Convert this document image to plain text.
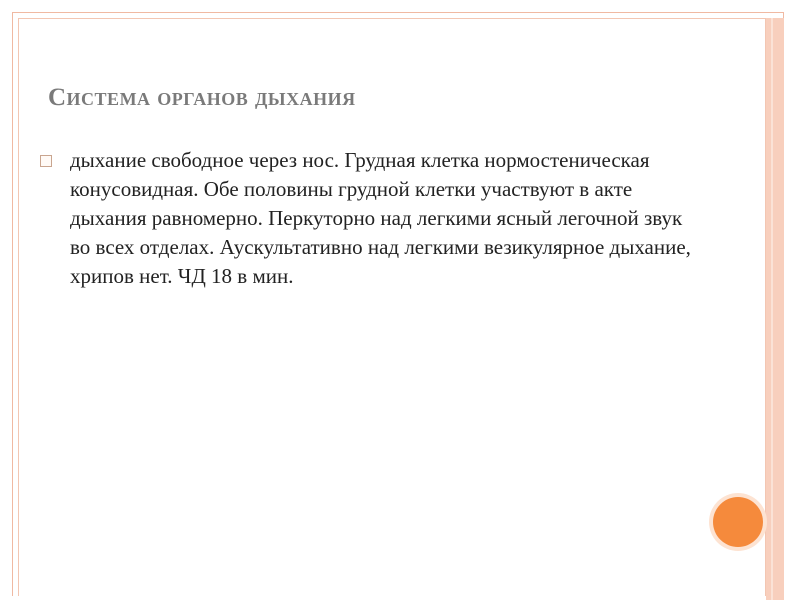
Система органов дыхания

дыхание свободное через нос. Грудная клетка нормостеническая конусовидная. Обе половины грудной клетки участвуют в акте дыхания равномерно. Перкуторно над легкими ясный легочной звук во всех отделах. Аускультативно над легкими везикулярное дыхание, хрипов нет. ЧД 18 в мин.
